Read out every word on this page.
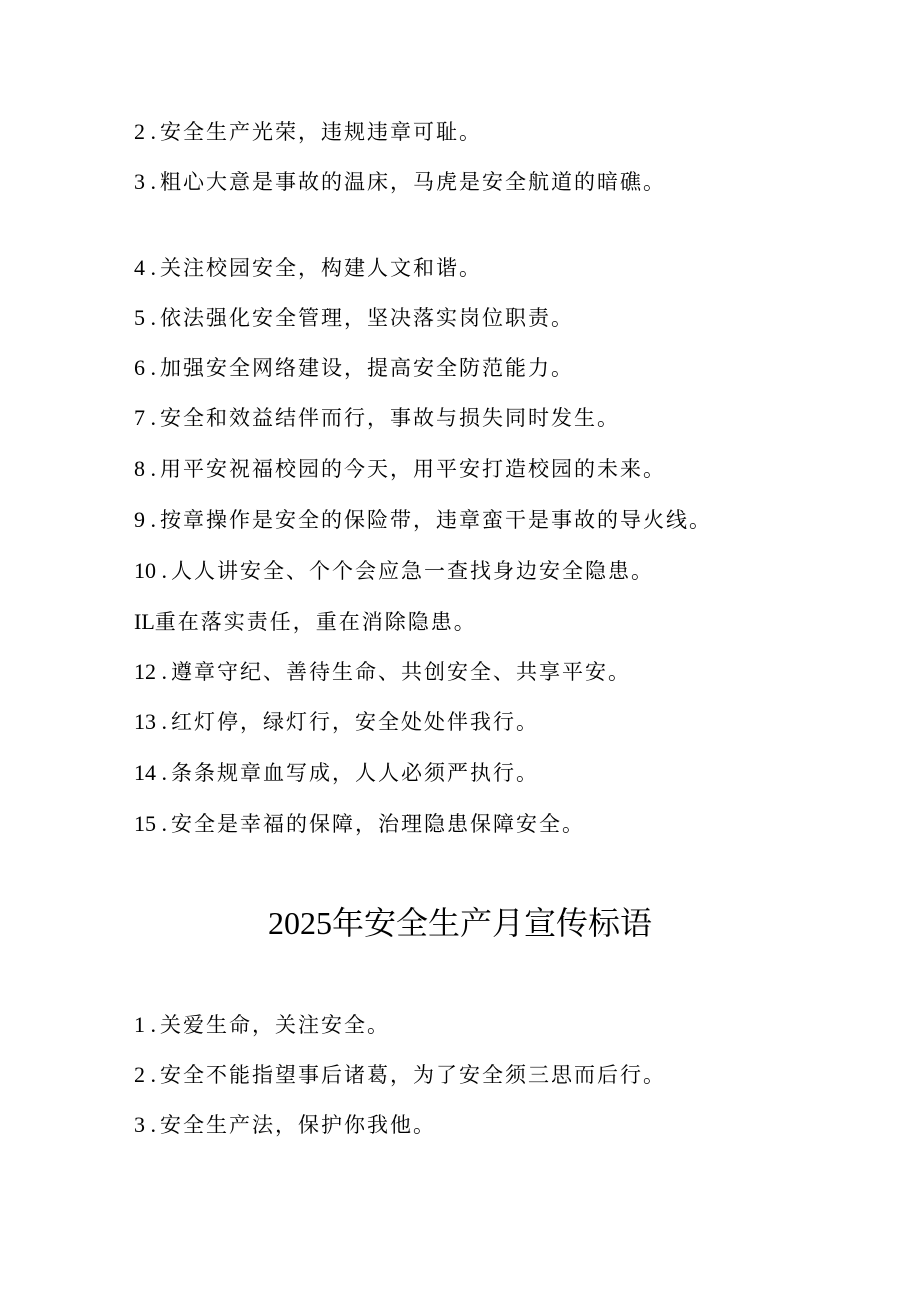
2 . 安全生产光荣，违规违章可耻。
3 . 粗心大意是事故的温床，马虎是安全航道的暗礁。
4 . 关注校园安全，构建人文和谐。
5 . 依法强化安全管理，坚决落实岗位职责。
6 . 加强安全网络建设，提高安全防范能力。
7 . 安全和效益结伴而行，事故与损失同时发生。
8 . 用平安祝福校园的今天，用平安打造校园的未来。
9 . 按章操作是安全的保险带，违章蛮干是事故的导火线。
10 . 人人讲安全、个个会应急一查找身边安全隐患。
IL重在落实责任，重在消除隐患。
12 . 遵章守纪、善待生命、共创安全、共享平安。
13 . 红灯停，绿灯行，安全处处伴我行。
14 . 条条规章血写成，人人必须严执行。
15 . 安全是幸福的保障，治理隐患保障安全。
2025年安全生产月宣传标语
1 . 关爱生命，关注安全。
2 . 安全不能指望事后诸葛，为了安全须三思而后行。
3 . 安全生产法，保护你我他。
